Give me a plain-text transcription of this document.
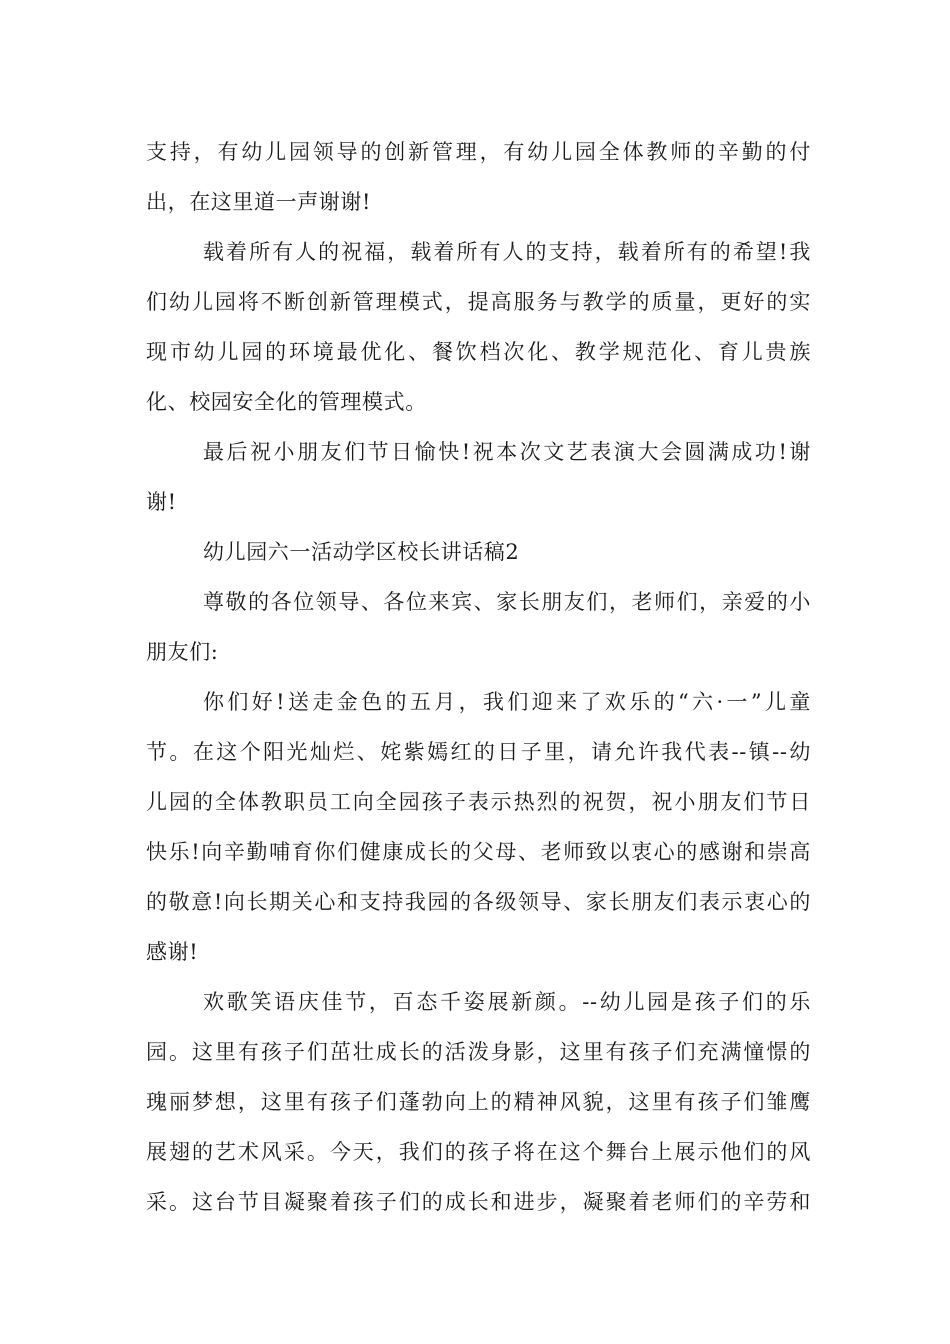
支持，有幼儿园领导的创新管理，有幼儿园全体教师的辛勤的付
出，在这里道一声谢谢!
载着所有人的祝福，载着所有人的支持，载着所有的希望!我
们幼儿园将不断创新管理模式，提高服务与教学的质量，更好的实
现市幼儿园的环境最优化、餐饮档次化、教学规范化、育儿贵族
化、校园安全化的管理模式。
最后祝小朋友们节日愉快!祝本次文艺表演大会圆满成功!谢
谢!
幼儿园六一活动学区校长讲话稿2
尊敬的各位领导、各位来宾、家长朋友们，老师们，亲爱的小
朋友们:
你们好!送走金色的五月，我们迎来了欢乐的“六·一”儿童
节。在这个阳光灿烂、姹紫嫣红的日子里，请允许我代表--镇--幼
儿园的全体教职员工向全园孩子表示热烈的祝贺，祝小朋友们节日
快乐!向辛勤哺育你们健康成长的父母、老师致以衷心的感谢和崇高
的敬意!向长期关心和支持我园的各级领导、家长朋友们表示衷心的
感谢!
欢歌笑语庆佳节，百态千姿展新颜。--幼儿园是孩子们的乐
园。这里有孩子们茁壮成长的活泼身影，这里有孩子们充满憧憬的
瑰丽梦想，这里有孩子们蓬勃向上的精神风貌，这里有孩子们雏鹰
展翅的艺术风采。今天，我们的孩子将在这个舞台上展示他们的风
采。这台节目凝聚着孩子们的成长和进步，凝聚着老师们的辛劳和
